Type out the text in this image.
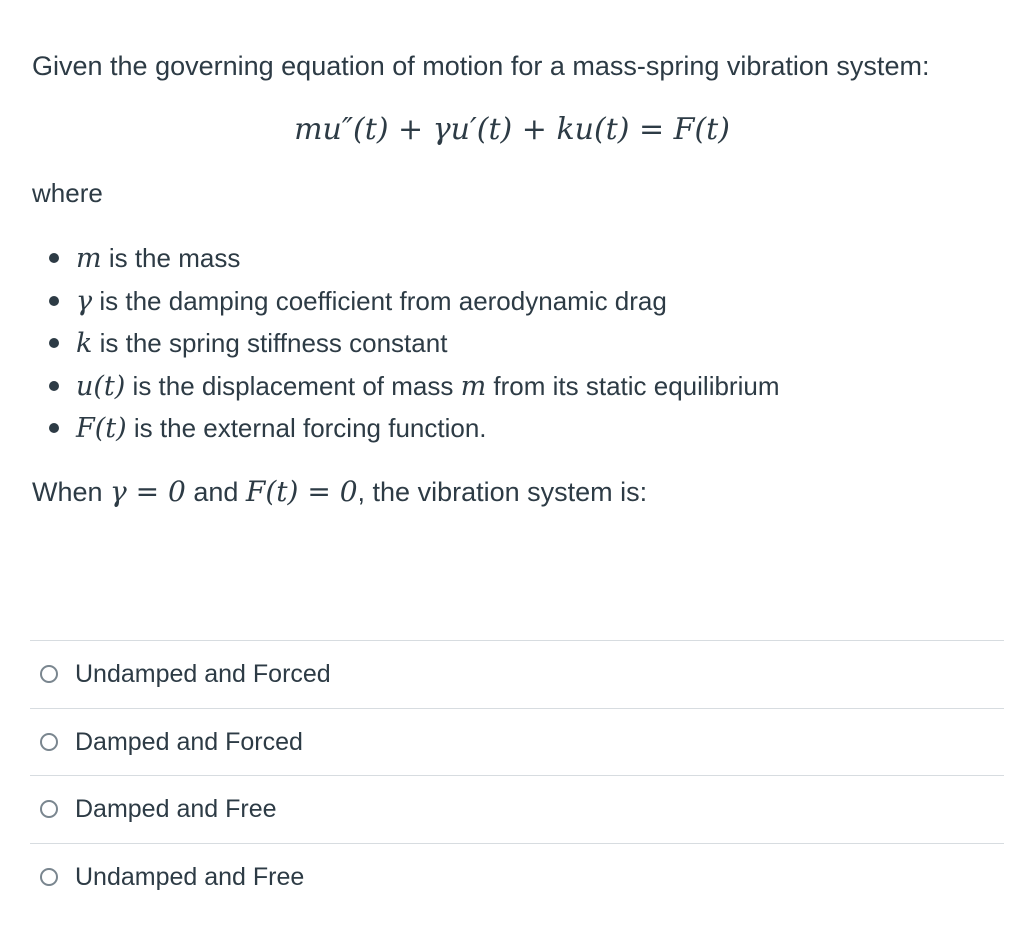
Given the governing equation of motion for a mass-spring vibration system:
mu″(t) + γu′(t) + ku(t) = F(t)
where
m is the mass
γ is the damping coefficient from aerodynamic drag
k is the spring stiffness constant
u(t) is the displacement of mass m from its static equilibrium
F(t) is the external forcing function.
When γ = 0 and F(t) = 0, the vibration system is:
Undamped and Forced
Damped and Forced
Damped and Free
Undamped and Free
